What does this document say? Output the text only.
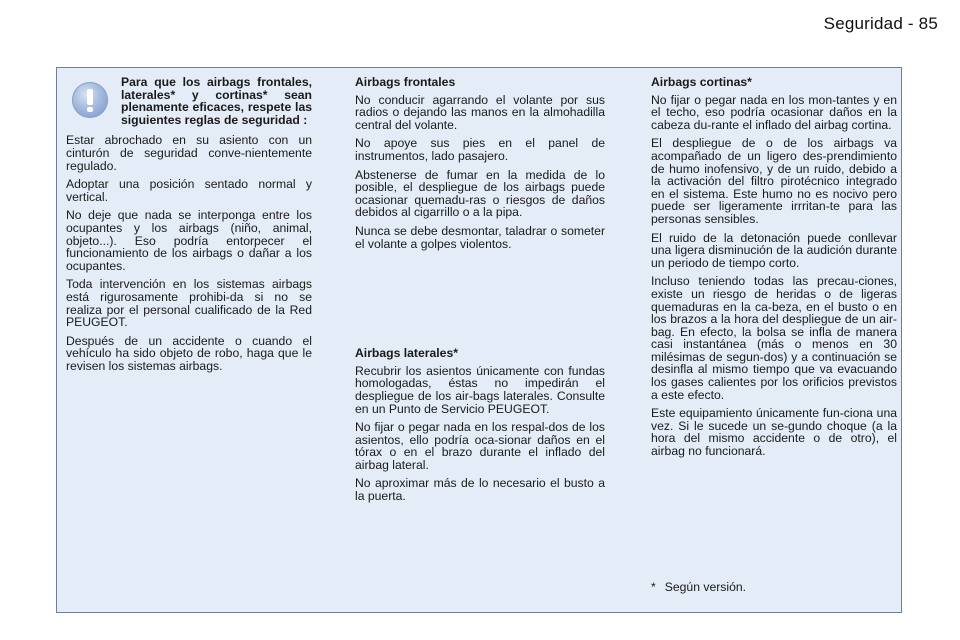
Seguridad - 85

Para que los airbags frontales, laterales* y cortinas* sean plenamente eficaces, respete las siguientes reglas de seguridad :

Estar abrochado en su asiento con un cinturón de seguridad conve-nientemente regulado.

Adoptar una posición sentado normal y vertical.

No deje que nada se interponga entre los ocupantes y los airbags (niño, animal, objeto...). Eso podría entorpecer el funcionamiento de los airbags o dañar a los ocupantes.

Toda intervención en los sistemas airbags está rigurosamente prohibi-da si no se realiza por el personal cualificado de la Red PEUGEOT.

Después de un accidente o cuando el vehículo ha sido objeto de robo, haga que le revisen los sistemas airbags.

Airbags frontales

No conducir agarrando el volante por sus radios o dejando las manos en la almohadilla central del volante.

No apoye sus pies en el panel de instrumentos, lado pasajero.

Abstenerse de fumar en la medida de lo posible, el despliegue de los airbags puede ocasionar quemadu-ras o riesgos de daños debidos al cigarrillo o a la pipa.

Nunca se debe desmontar, taladrar o someter el volante a golpes violentos.

Airbags laterales*

Recubrir los asientos únicamente con fundas homologadas, éstas no impedirán el despliegue de los air-bags laterales. Consulte en un Punto de Servicio PEUGEOT.

No fijar o pegar nada en los respal-dos de los asientos, ello podría oca-sionar daños en el tórax o en el brazo durante el inflado del airbag lateral.

No aproximar más de lo necesario el busto a la puerta.

Airbags cortinas*

No fijar o pegar nada en los mon-tantes y en el techo, eso podría ocasionar daños en la cabeza du-rante el inflado del airbag cortina.

El despliegue de o de los airbags va acompañado de un ligero des-prendimiento de humo inofensivo, y de un ruido, debido a la activación del filtro pirotécnico integrado en el sistema. Este humo no es nocivo pero puede ser ligeramente irrritan-te para las personas sensibles.

El ruido de la detonación puede conllevar una ligera disminución de la audición durante un periodo de tiempo corto.

Incluso teniendo todas las precau-ciones, existe un riesgo de heridas o de ligeras quemaduras en la ca-beza, en el busto o en los brazos a la hora del despliegue de un air-bag. En efecto, la bolsa se infla de manera casi instantánea (más o menos en 30 milésimas de segun-dos) y a continuación se desinfla al mismo tiempo que va evacuando los gases calientes por los orificios previstos a este efecto.

Este equipamiento únicamente fun-ciona una vez. Si le sucede un se-gundo choque (a la hora del mismo accidente o de otro), el airbag no funcionará.

* Según versión.
